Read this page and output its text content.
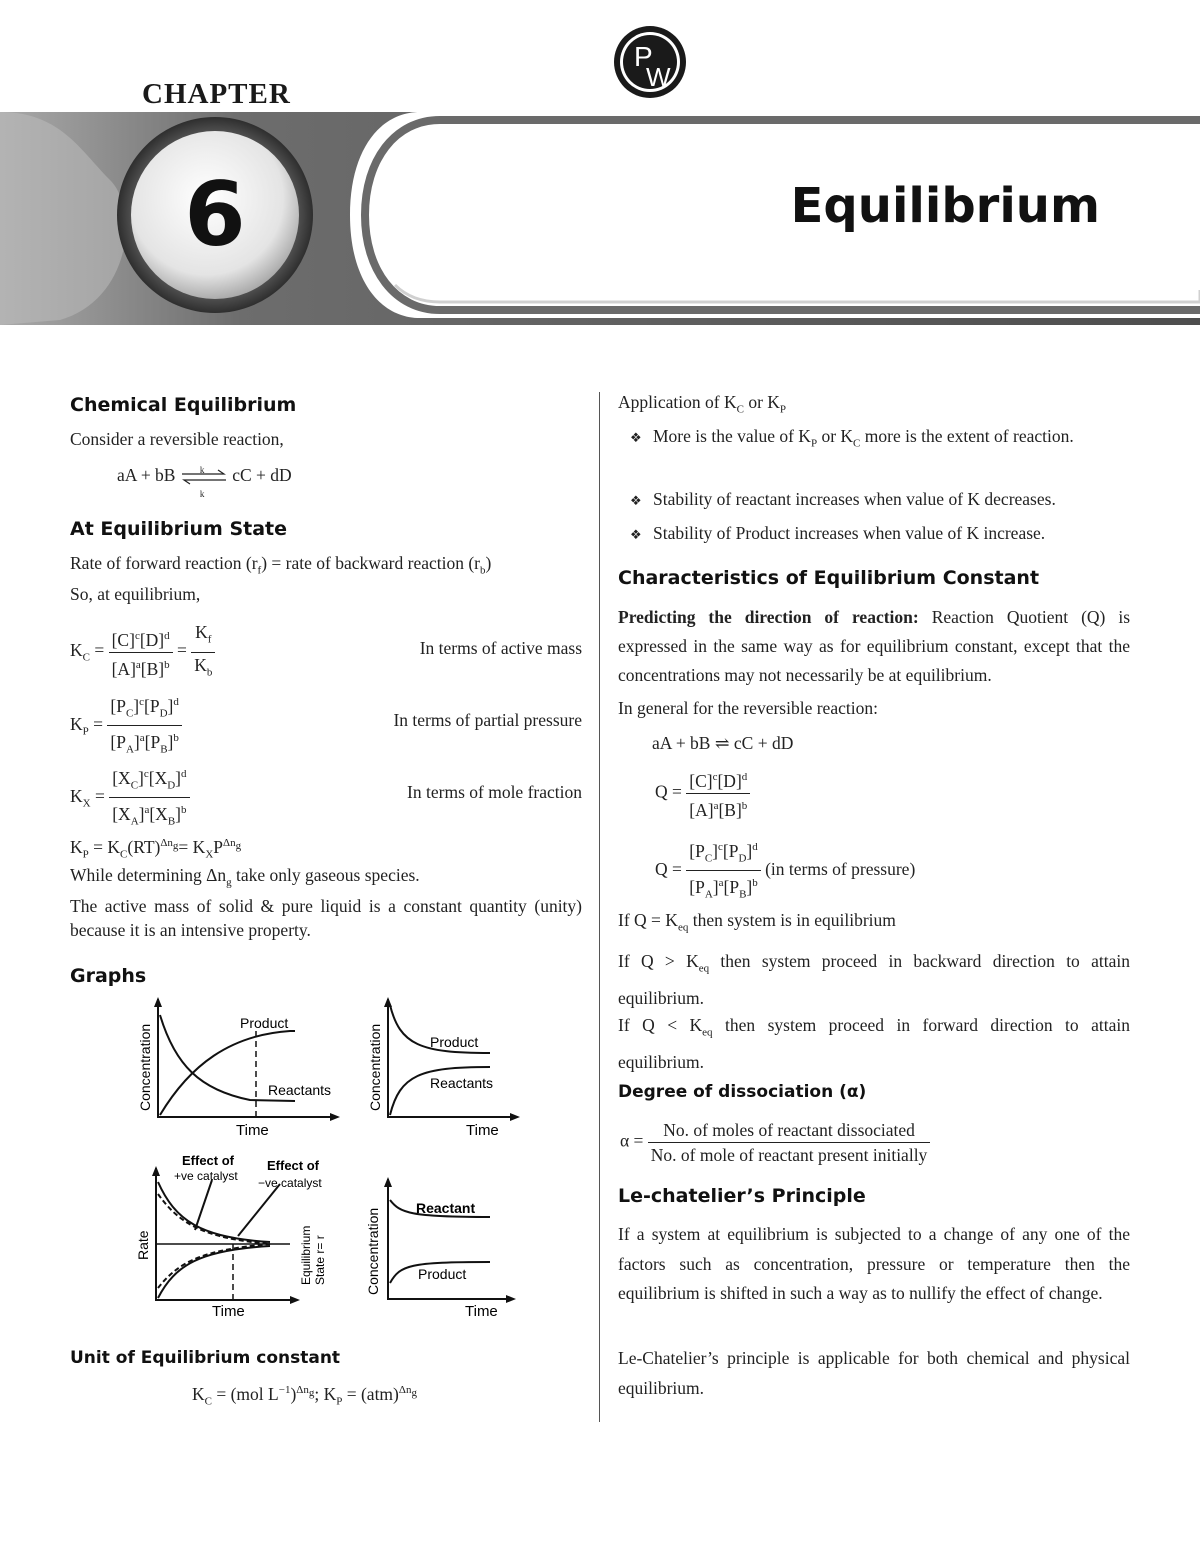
CHAPTER
6	Equilibrium
P
W
Chemical Equilibrium
Consider a reversible reaction,
aA + bB	k
k
cC + dD
At Equilibrium State
Rate of forward reaction $(r_f)$ = rate of backward reaction $(r_b)$
So, at equilibrium,
$K_C = \frac{[C]^c[D]^d}{[A]^a[B]^b} = \frac{K_f}{K_b}$	In terms of active mass
$K_P = \frac{[P_C]^c[P_D]^d}{[P_A]^a[P_B]^b}$	In terms of partial pressure
$K_X = \frac{[X_C]^c[X_D]^d}{[X_A]^a[X_B]^b}$	In terms of mole fraction
$K_P = K_C(RT)^{\Delta n_g}= K_XP^{\Delta n_g}$
While determining $\Delta n_g$ take only gaseous species.
The active mass of solid & pure liquid is a constant quantity (unity) because it is an intensive property.
Graphs
Product
Reactants
Time
Concentration	Product
Reactants
Time
Concentration
Effect of
+ve catalyst
Effect of
−ve catalyst
Time
Rate	Equilibrium State r= r
Reactant
Product
Time
Concentration
Unit of Equilibrium constant
$K_C = (mol$ $L^{-1})^{\Delta n_g}$; $K_P = (atm)^{\Delta n_g}$
Application of $K_C$ or $K_P$
❖ More is the value of $K_P$ or $K_C$ more is the extent of reaction.
❖ Stability of reactant increases when value of K decreases.
❖ Stability of Product increases when value of K increase.
Characteristics of Equilibrium Constant
Predicting the direction of reaction: Reaction Quotient (Q) is expressed in the same way as for equilibrium constant, except that the concentrations may not necessarily be at equilibrium.
In general for the reversible reaction:
aA + bB ⇌ cC + dD
$Q = \frac{[C]^c[D]^d}{[A]^a[B]^b}$
$Q = \frac{[P_C]^c[P_D]^d}{[P_A]^a[P_B]^b} (in$ terms of pressure)
If $Q = K_{eq}$ then system is in equilibrium
If $Q > K_{eq}$ then system proceed in backward direction to attain equilibrium.
If $Q < K_{eq}$ then system proceed in forward direction to attain equilibrium.
Degree of dissociation (α)
$\alpha = \frac{\text{No. of moles of reactant dissociated}}{\text{No. of mole of reactant present initially}}$
Le-chatelier’s Principle
If a system at equilibrium is subjected to a change of any one of the factors such as concentration, pressure or temperature then the equilibrium is shifted in such a way as to nullify the effect of change.
Le-Chatelier’s principle is applicable for both chemical and physical equilibrium.
